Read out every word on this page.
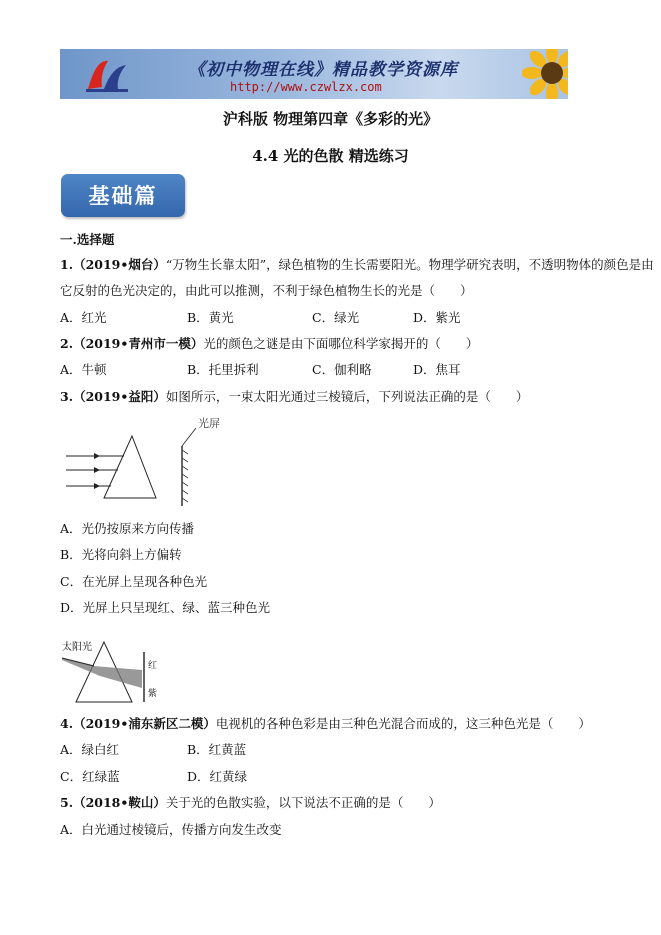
《初中物理在线》精品教学资源库
http://www.czwlzx.com
沪科版 物理第四章《多彩的光》
4.4 光的色散 精选练习
基础篇
一.选择题
1.（2019•烟台）“万物生长靠太阳”，绿色植物的生长需要阳光。物理学研究表明，不透明物体的颜色是由
它反射的色光决定的，由此可以推测，不利于绿色植物生长的光是（　　）
A．红光	B．黄光	C．绿光	D．紫光
2.（2019•青州市一模）光的颜色之谜是由下面哪位科学家揭开的（　　）
A．牛顿	B．托里拆利	C．伽利略	D．焦耳
3.（2019•益阳）如图所示，一束太阳光通过三棱镜后，下列说法正确的是（　　）
光屏
A．光仍按原来方向传播
B．光将向斜上方偏转
C．在光屏上呈现各种色光
D．光屏上只呈现红、绿、蓝三种色光
太阳光
红
紫
4.（2019•浦东新区二模）电视机的各种色彩是由三种色光混合而成的，这三种色光是（　　）
A．绿白红	B．红黄蓝
C．红绿蓝	D．红黄绿
5.（2018•鞍山）关于光的色散实验，以下说法不正确的是（　　）
A．白光通过棱镜后，传播方向发生改变
